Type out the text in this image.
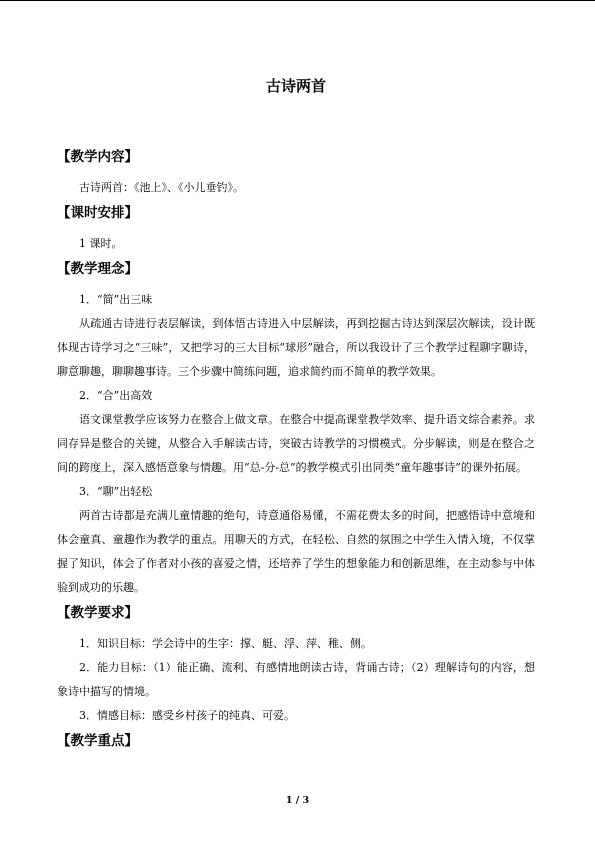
古诗两首
【教学内容】

古诗两首：《池上》、《小儿垂钓》。

【课时安排】

1 课时。

【教学理念】

1．“简”出三味

从疏通古诗进行表层解读，到体悟古诗进入中层解读，再到挖掘古诗达到深层次解读，设计既体现古诗学习之“三味”，又把学习的三大目标“球形”融合，所以我设计了三个教学过程聊字聊诗，聊意聊趣，聊聊趣事诗。三个步骤中简练问题，追求简约而不简单的教学效果。

2．“合”出高效

语文课堂教学应该努力在整合上做文章。在整合中提高课堂教学效率、提升语文综合素养。求同存异是整合的关键，从整合入手解读古诗，突破古诗教学的习惯模式。分步解读，则是在整合之间的跨度上，深入感悟意象与情趣。用“总-分-总”的教学模式引出同类“童年趣事诗”的课外拓展。

3．“聊”出轻松

两首古诗都是充满儿童情趣的绝句，诗意通俗易懂，不需花费太多的时间，把感悟诗中意境和体会童真、童趣作为教学的重点。用聊天的方式，在轻松、自然的氛围之中学生入情入境，不仅掌握了知识，体会了作者对小孩的喜爱之情，还培养了学生的想象能力和创新思维，在主动参与中体验到成功的乐趣。

【教学要求】

1．知识目标：学会诗中的生字：撑、艇、浮、萍、稚、侧。

2．能力目标：（1）能正确、流利、有感情地朗读古诗，背诵古诗；（2）理解诗句的内容，想象诗中描写的情境。

3．情感目标：感受乡村孩子的纯真、可爱。

【教学重点】
1 / 3
